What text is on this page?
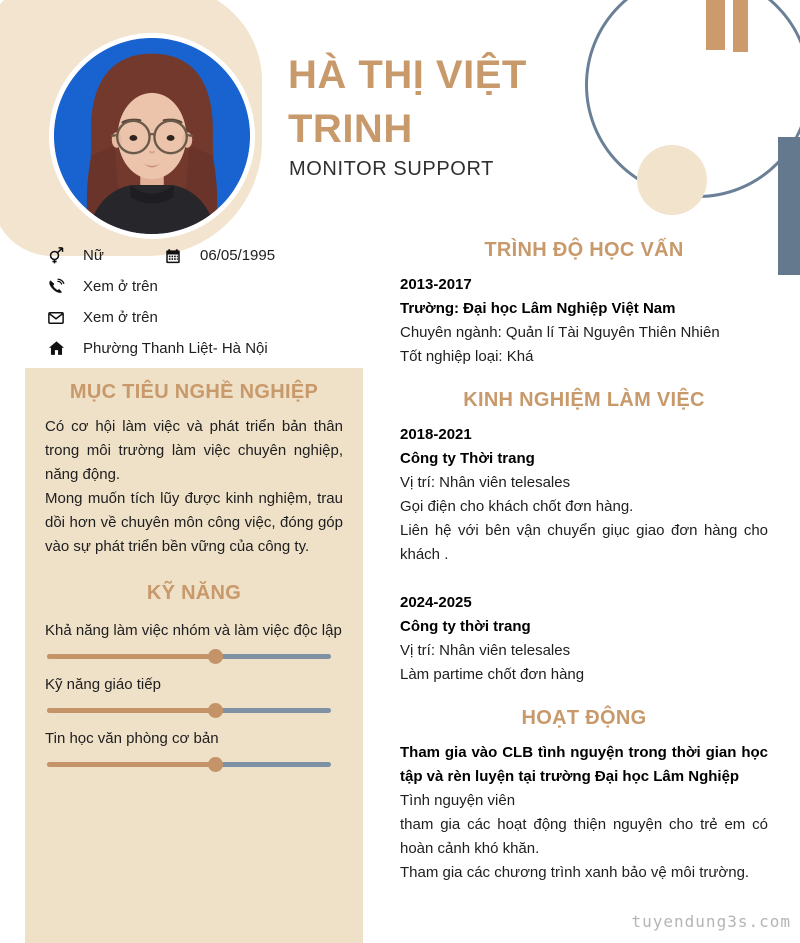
HÀ THỊ VIỆT
TRINH
MONITOR SUPPORT
Nữ	06/05/1995
Xem ở trên
Xem ở trên
Phường Thanh Liệt- Hà Nội
MỤC TIÊU NGHỀ NGHIỆP

Có cơ hội làm việc và phát triển bản thân trong môi trường làm việc chuyên nghiệp, năng động.

Mong muốn tích lũy được kinh nghiệm, trau dồi hơn về chuyên môn công việc, đóng góp vào sự phát triển bền vững của công ty.

KỸ NĂNG
Khả năng làm việc nhóm và làm việc độc lập
Kỹ năng giáo tiếp
Tin học văn phòng cơ bản
TRÌNH ĐỘ HỌC VẤN
2013-2017
Trường: Đại học Lâm Nghiệp Việt Nam
Chuyên ngành: Quản lí Tài Nguyên Thiên Nhiên
Tốt nghiệp loại: Khá
KINH NGHIỆM LÀM VIỆC
2018-2021
Công ty Thời trang
Vị trí: Nhân viên telesales
Gọi điện cho khách chốt đơn hàng.
Liên hệ với bên vận chuyển giục giao đơn hàng cho khách .
2024-2025
Công ty thời trang
Vị trí: Nhân viên telesales
Làm partime chốt đơn hàng
HOẠT ĐỘNG
Tham gia vào CLB tình nguyện trong thời gian học tập và rèn luyện tại trường Đại học Lâm Nghiệp
Tình nguyện viên
tham gia các hoạt động thiện nguyện cho trẻ em có hoàn cảnh khó khăn.
Tham gia các chương trình xanh bảo vệ môi trường.
tuyendung3s.com
